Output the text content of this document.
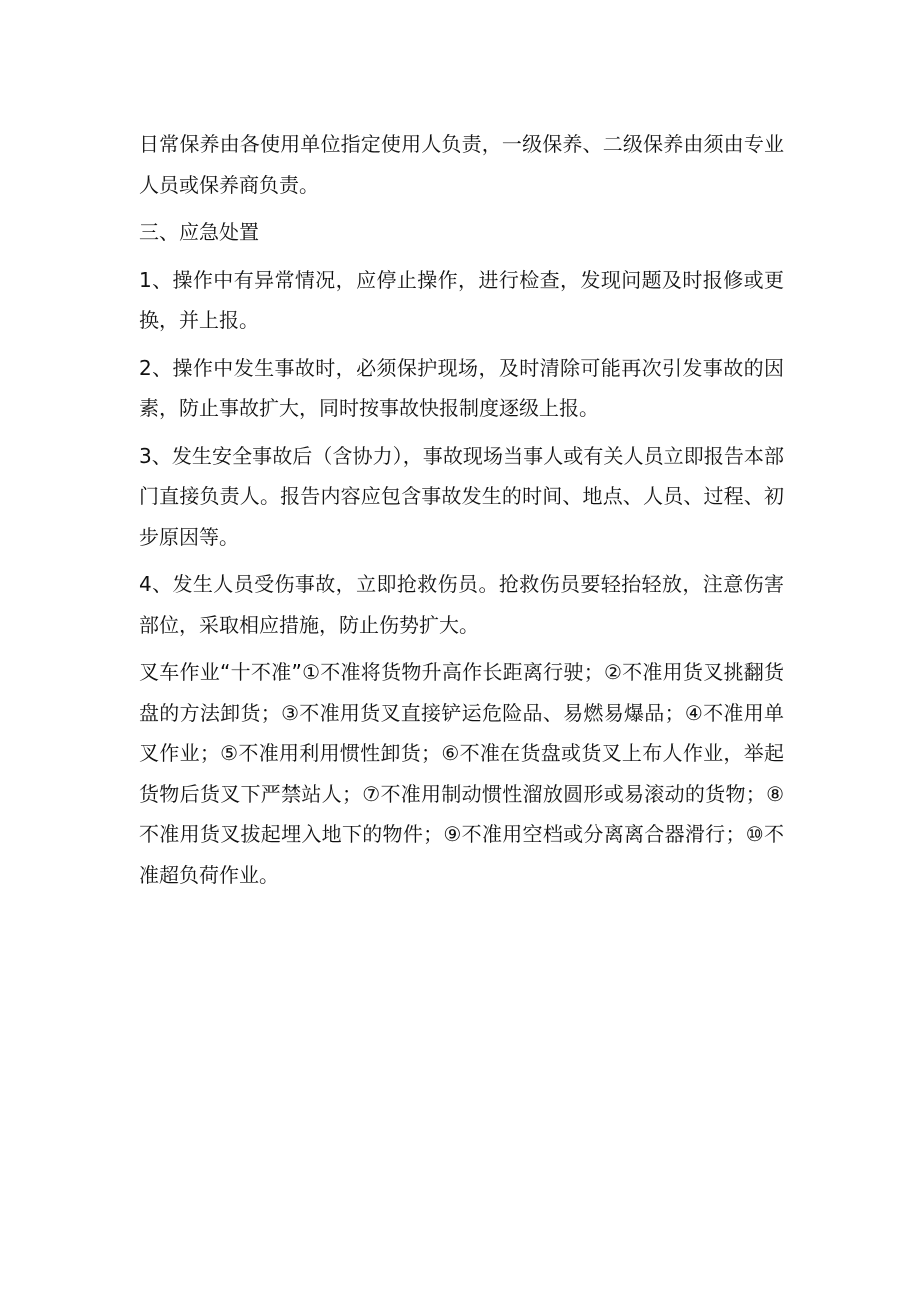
日常保养由各使用单位指定使用人负责，一级保养、二级保养由须由专业人员或保养商负责。

三、应急处置

1、操作中有异常情况，应停止操作，进行检查，发现问题及时报修或更换，并上报。

2、操作中发生事故时，必须保护现场，及时清除可能再次引发事故的因素，防止事故扩大，同时按事故快报制度逐级上报。

3、发生安全事故后（含协力），事故现场当事人或有关人员立即报告本部门直接负责人。报告内容应包含事故发生的时间、地点、人员、过程、初步原因等。

4、发生人员受伤事故，立即抢救伤员。抢救伤员要轻抬轻放，注意伤害部位，采取相应措施，防止伤势扩大。

叉车作业“十不准”①不准将货物升高作长距离行驶；②不准用货叉挑翻货盘的方法卸货；③不准用货叉直接铲运危险品、易燃易爆品；④不准用单叉作业；⑤不准用利用惯性卸货；⑥不准在货盘或货叉上布人作业，举起货物后货叉下严禁站人；⑦不准用制动惯性溜放圆形或易滚动的货物；⑧不准用货叉拔起埋入地下的物件；⑨不准用空档或分离离合器滑行；⑩不准超负荷作业。
